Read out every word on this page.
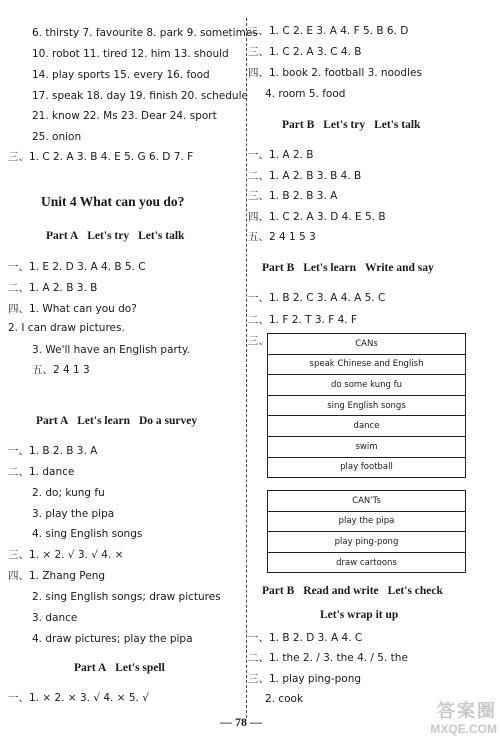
6. thirsty 7. favourite 8. park 9. sometimes
10. robot 11. tired 12. him 13. should
14. play sports 15. every 16. food
17. speak 18. day 19. finish 20. schedule
21. know 22. Ms 23. Dear 24. sport
25. onion
三、1. C 2. A 3. B 4. E 5. G 6. D 7. F
Unit 4 What can you do?
Part A Let's try Let's talk
一、1. E 2. D 3. A 4. B 5. C
二、1. A 2. B 3. B
四、1. What can you do?
2. I can draw pictures.
3. We'll have an English party.
五、2 4 1 3
Part A Let's learn Do a survey
一、1. B 2. B 3. A
二、1. dance
2. do; kung fu
3. play the pipa
4. sing English songs
三、1. × 2. √ 3. √ 4. ×
四、1. Zhang Peng
2. sing English songs; draw pictures
3. dance
4. draw pictures; play the pipa
Part A Let's spell
一、1. × 2. × 3. √ 4. × 5. √
二、1. C 2. E 3. A 4. F 5. B 6. D
三、1. C 2. A 3. C 4. B
四、1. book 2. football 3. noodles
4. room 5. food
Part B Let's try Let's talk
一、1. A 2. B
二、1. A 2. B 3. B 4. B
三、1. B 2. B 3. A
四、1. C 2. A 3. D 4. E 5. B
五、2 4 1 5 3
Part B Let's learn Write and say
一、1. B 2. C 3. A 4. A 5. C
二、1. F 2. T 3. F 4. F
三、	CANs
speak Chinese and English
do some kung fu
sing English songs
dance
swim
play football
CAN'Ts
play the pipa
play ping-pong
draw cartoons
Part B Read and write Let's check
Let's wrap it up
一、1. B 2. D 3. A 4. C
二、1. the 2. / 3. the 4. / 5. the
三、1. play ping-pong
2. cook
— 78 —
答案圈
MXQE.COM
